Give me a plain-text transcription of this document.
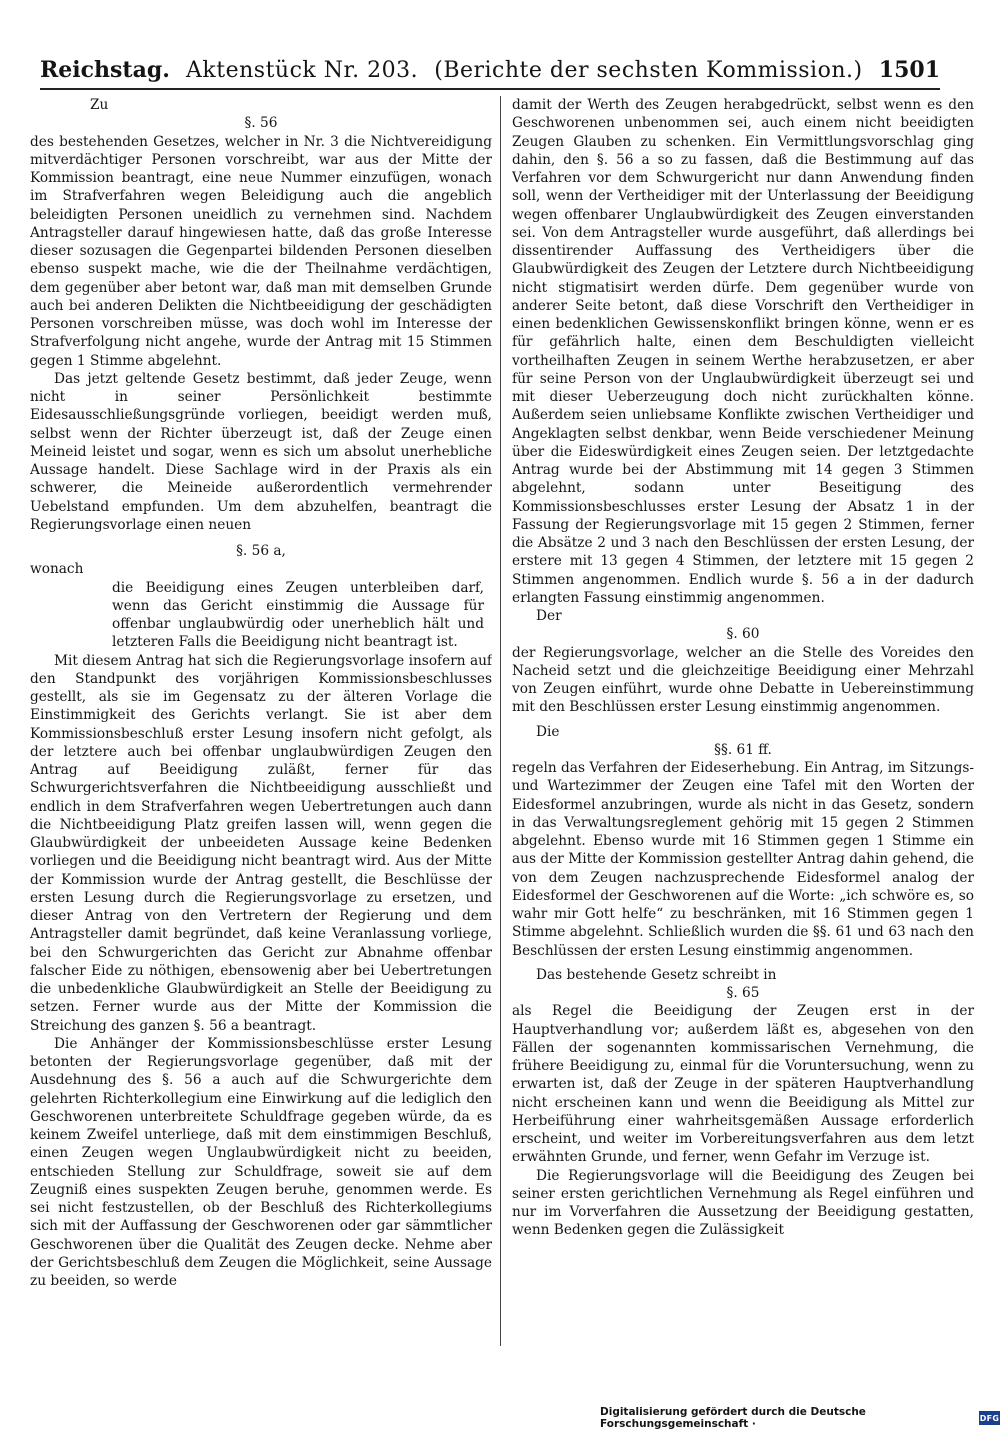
Reichstag. Aktenstück Nr. 203. (Berichte der sechsten Kommission.) 1501

Zu

§. 56

des bestehenden Gesetzes, welcher in Nr. 3 die Nichtvereidigung mitverdächtiger Personen vorschreibt, war aus der Mitte der Kommission beantragt, eine neue Nummer einzufügen, wonach im Strafverfahren wegen Beleidigung auch die angeblich beleidigten Personen uneidlich zu vernehmen sind. Nachdem Antragsteller darauf hingewiesen hatte, daß das große Interesse dieser sozusagen die Gegenpartei bildenden Personen dieselben ebenso suspekt mache, wie die der Theilnahme verdächtigen, dem gegenüber aber betont war, daß man mit demselben Grunde auch bei anderen Delikten die Nichtbeeidigung der geschädigten Personen vorschreiben müsse, was doch wohl im Interesse der Strafverfolgung nicht angehe, wurde der Antrag mit 15 Stimmen gegen 1 Stimme abgelehnt.

Das jetzt geltende Gesetz bestimmt, daß jeder Zeuge, wenn nicht in seiner Persönlichkeit bestimmte Eidesausschließungsgründe vorliegen, beeidigt werden muß, selbst wenn der Richter überzeugt ist, daß der Zeuge einen Meineid leistet und sogar, wenn es sich um absolut unerhebliche Aussage handelt. Diese Sachlage wird in der Praxis als ein schwerer, die Meineide außerordentlich vermehrender Uebelstand empfunden. Um dem abzuhelfen, beantragt die Regierungsvorlage einen neuen

§. 56 a,

wonach

die Beeidigung eines Zeugen unterbleiben darf, wenn das Gericht einstimmig die Aussage für offenbar unglaubwürdig oder unerheblich hält und letzteren Falls die Beeidigung nicht beantragt ist.

Mit diesem Antrag hat sich die Regierungsvorlage insofern auf den Standpunkt des vorjährigen Kommissionsbeschlusses gestellt, als sie im Gegensatz zu der älteren Vorlage die Einstimmigkeit des Gerichts verlangt. Sie ist aber dem Kommissionsbeschluß erster Lesung insofern nicht gefolgt, als der letztere auch bei offenbar unglaubwürdigen Zeugen den Antrag auf Beeidigung zuläßt, ferner für das Schwurgerichtsverfahren die Nichtbeeidigung ausschließt und endlich in dem Strafverfahren wegen Uebertretungen auch dann die Nichtbeeidigung Platz greifen lassen will, wenn gegen die Glaubwürdigkeit der unbeeideten Aussage keine Bedenken vorliegen und die Beeidigung nicht beantragt wird. Aus der Mitte der Kommission wurde der Antrag gestellt, die Beschlüsse der ersten Lesung durch die Regierungsvorlage zu ersetzen, und dieser Antrag von den Vertretern der Regierung und dem Antragsteller damit begründet, daß keine Veranlassung vorliege, bei den Schwurgerichten das Gericht zur Abnahme offenbar falscher Eide zu nöthigen, ebensowenig aber bei Uebertretungen die unbedenkliche Glaubwürdigkeit an Stelle der Beeidigung zu setzen. Ferner wurde aus der Mitte der Kommission die Streichung des ganzen §. 56 a beantragt.

Die Anhänger der Kommissionsbeschlüsse erster Lesung betonten der Regierungsvorlage gegenüber, daß mit der Ausdehnung des §. 56 a auch auf die Schwurgerichte dem gelehrten Richterkollegium eine Einwirkung auf die lediglich den Geschworenen unterbreitete Schuldfrage gegeben würde, da es keinem Zweifel unterliege, daß mit dem einstimmigen Beschluß, einen Zeugen wegen Unglaubwürdigkeit nicht zu beeiden, entschieden Stellung zur Schuldfrage, soweit sie auf dem Zeugniß eines suspekten Zeugen beruhe, genommen werde. Es sei nicht festzustellen, ob der Beschluß des Richterkollegiums sich mit der Auffassung der Geschworenen oder gar sämmtlicher Geschworenen über die Qualität des Zeugen decke. Nehme aber der Gerichtsbeschluß dem Zeugen die Möglichkeit, seine Aussage zu beeiden, so werde

damit der Werth des Zeugen herabgedrückt, selbst wenn es den Geschworenen unbenommen sei, auch einem nicht beeidigten Zeugen Glauben zu schenken. Ein Vermittlungsvorschlag ging dahin, den §. 56 a so zu fassen, daß die Bestimmung auf das Verfahren vor dem Schwurgericht nur dann Anwendung finden soll, wenn der Vertheidiger mit der Unterlassung der Beeidigung wegen offenbarer Unglaubwürdigkeit des Zeugen einverstanden sei. Von dem Antragsteller wurde ausgeführt, daß allerdings bei dissentirender Auffassung des Vertheidigers über die Glaubwürdigkeit des Zeugen der Letztere durch Nichtbeeidigung nicht stigmatisirt werden dürfe. Dem gegenüber wurde von anderer Seite betont, daß diese Vorschrift den Vertheidiger in einen bedenklichen Gewissenskonflikt bringen könne, wenn er es für gefährlich halte, einen dem Beschuldigten vielleicht vortheilhaften Zeugen in seinem Werthe herabzusetzen, er aber für seine Person von der Unglaubwürdigkeit überzeugt sei und mit dieser Ueberzeugung doch nicht zurückhalten könne. Außerdem seien unliebsame Konflikte zwischen Vertheidiger und Angeklagten selbst denkbar, wenn Beide verschiedener Meinung über die Eideswürdigkeit eines Zeugen seien. Der letztgedachte Antrag wurde bei der Abstimmung mit 14 gegen 3 Stimmen abgelehnt, sodann unter Beseitigung des Kommissionsbeschlusses erster Lesung der Absatz 1 in der Fassung der Regierungsvorlage mit 15 gegen 2 Stimmen, ferner die Absätze 2 und 3 nach den Beschlüssen der ersten Lesung, der erstere mit 13 gegen 4 Stimmen, der letztere mit 15 gegen 2 Stimmen angenommen. Endlich wurde §. 56 a in der dadurch erlangten Fassung einstimmig angenommen.

Der

§. 60

der Regierungsvorlage, welcher an die Stelle des Voreides den Nacheid setzt und die gleichzeitige Beeidigung einer Mehrzahl von Zeugen einführt, wurde ohne Debatte in Uebereinstimmung mit den Beschlüssen erster Lesung einstimmig angenommen.

Die

§§. 61 ff.

regeln das Verfahren der Eideserhebung. Ein Antrag, im Sitzungs- und Wartezimmer der Zeugen eine Tafel mit den Worten der Eidesformel anzubringen, wurde als nicht in das Gesetz, sondern in das Verwaltungsreglement gehörig mit 15 gegen 2 Stimmen abgelehnt. Ebenso wurde mit 16 Stimmen gegen 1 Stimme ein aus der Mitte der Kommission gestellter Antrag dahin gehend, die von dem Zeugen nachzusprechende Eidesformel analog der Eidesformel der Geschworenen auf die Worte: „ich schwöre es, so wahr mir Gott helfe“ zu beschränken, mit 16 Stimmen gegen 1 Stimme abgelehnt. Schließlich wurden die §§. 61 und 63 nach den Beschlüssen der ersten Lesung einstimmig angenommen.

Das bestehende Gesetz schreibt in

§. 65

als Regel die Beeidigung der Zeugen erst in der Hauptverhandlung vor; außerdem läßt es, abgesehen von den Fällen der sogenannten kommissarischen Vernehmung, die frühere Beeidigung zu, einmal für die Voruntersuchung, wenn zu erwarten ist, daß der Zeuge in der späteren Hauptverhandlung nicht erscheinen kann und wenn die Beeidigung als Mittel zur Herbeiführung einer wahrheitsgemäßen Aussage erforderlich erscheint, und weiter im Vorbereitungsverfahren aus dem letzt erwähnten Grunde, und ferner, wenn Gefahr im Verzuge ist.

Die Regierungsvorlage will die Beeidigung des Zeugen bei seiner ersten gerichtlichen Vernehmung als Regel einführen und nur im Vorverfahren die Aussetzung der Beeidigung gestatten, wenn Bedenken gegen die Zulässigkeit

Digitalisierung gefördert durch die Deutsche Forschungsgemeinschaft ·	DFG
